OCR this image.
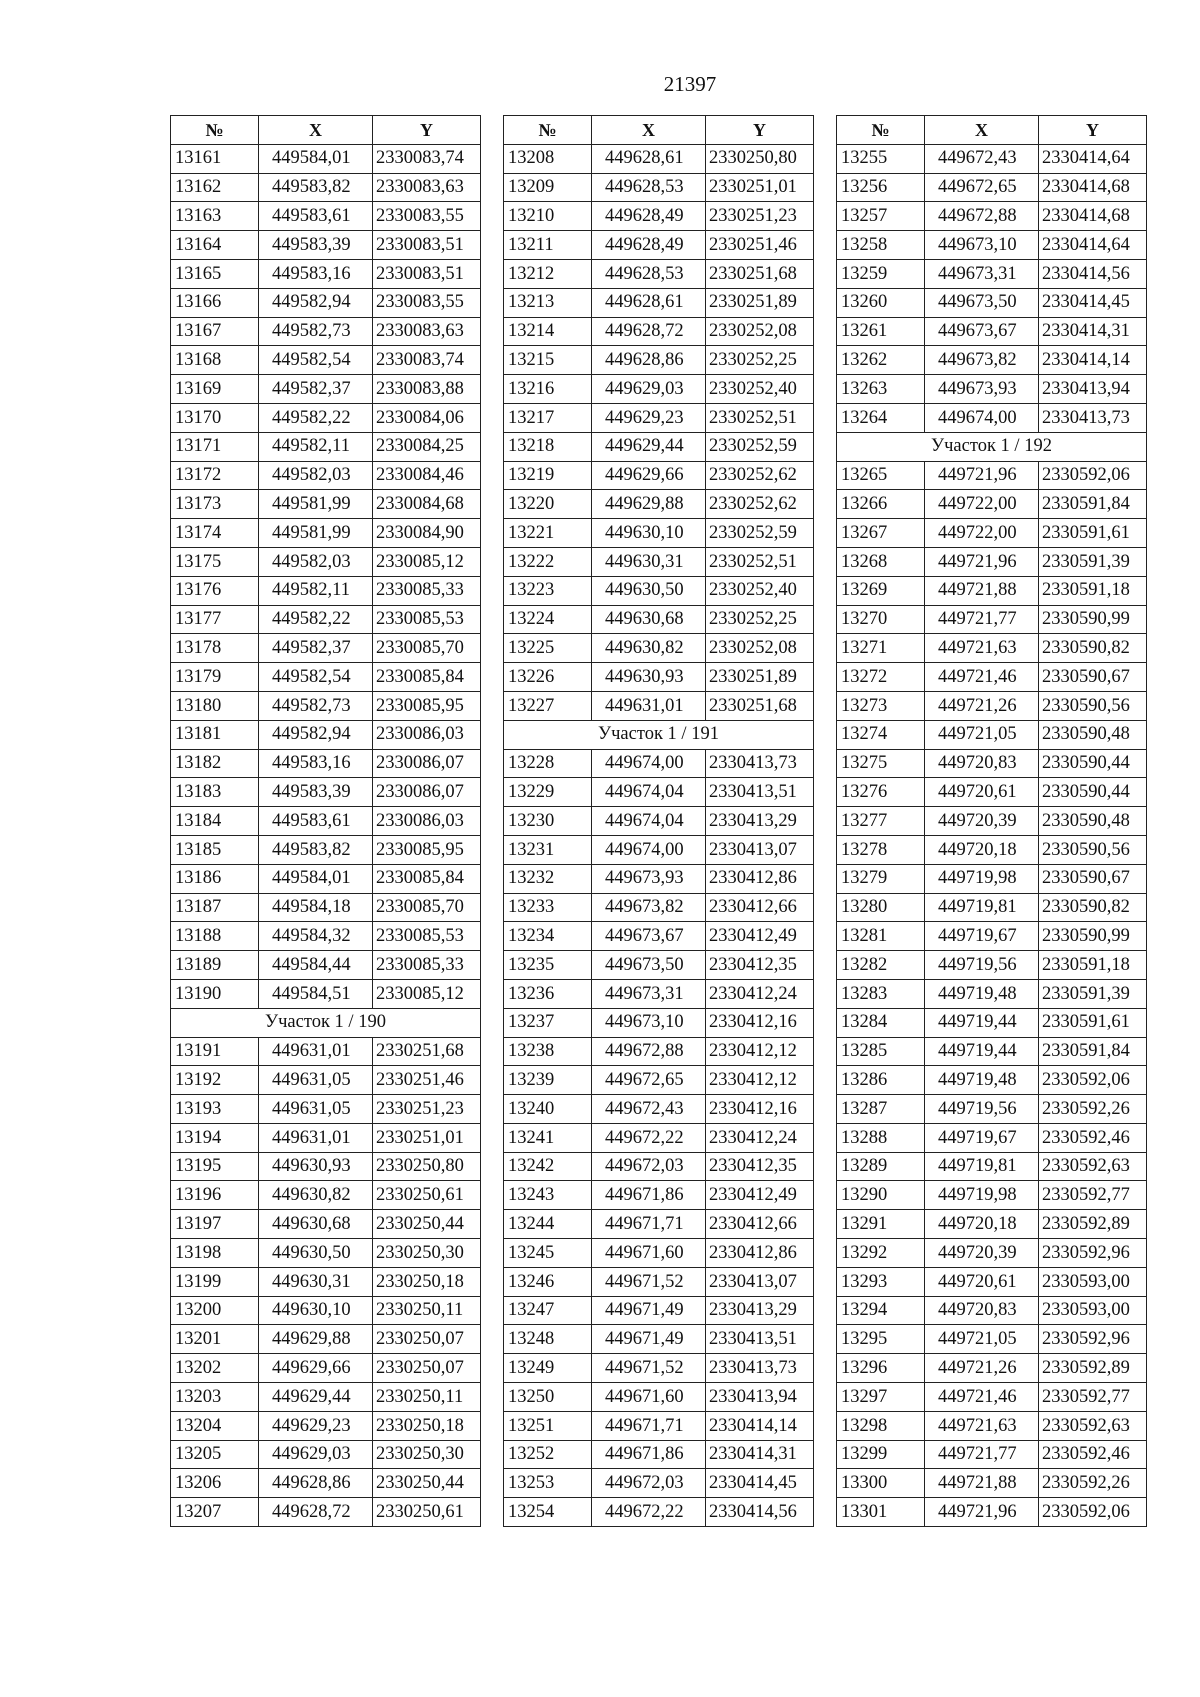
21397
№	X	Y
13161	449584,01	2330083,74
13162	449583,82	2330083,63
13163	449583,61	2330083,55
13164	449583,39	2330083,51
13165	449583,16	2330083,51
13166	449582,94	2330083,55
13167	449582,73	2330083,63
13168	449582,54	2330083,74
13169	449582,37	2330083,88
13170	449582,22	2330084,06
13171	449582,11	2330084,25
13172	449582,03	2330084,46
13173	449581,99	2330084,68
13174	449581,99	2330084,90
13175	449582,03	2330085,12
13176	449582,11	2330085,33
13177	449582,22	2330085,53
13178	449582,37	2330085,70
13179	449582,54	2330085,84
13180	449582,73	2330085,95
13181	449582,94	2330086,03
13182	449583,16	2330086,07
13183	449583,39	2330086,07
13184	449583,61	2330086,03
13185	449583,82	2330085,95
13186	449584,01	2330085,84
13187	449584,18	2330085,70
13188	449584,32	2330085,53
13189	449584,44	2330085,33
13190	449584,51	2330085,12
Участок 1 / 190		
13191	449631,01	2330251,68
13192	449631,05	2330251,46
13193	449631,05	2330251,23
13194	449631,01	2330251,01
13195	449630,93	2330250,80
13196	449630,82	2330250,61
13197	449630,68	2330250,44
13198	449630,50	2330250,30
13199	449630,31	2330250,18
13200	449630,10	2330250,11
13201	449629,88	2330250,07
13202	449629,66	2330250,07
13203	449629,44	2330250,11
13204	449629,23	2330250,18
13205	449629,03	2330250,30
13206	449628,86	2330250,44
13207	449628,72	2330250,61
№	X	Y
13208	449628,61	2330250,80
13209	449628,53	2330251,01
13210	449628,49	2330251,23
13211	449628,49	2330251,46
13212	449628,53	2330251,68
13213	449628,61	2330251,89
13214	449628,72	2330252,08
13215	449628,86	2330252,25
13216	449629,03	2330252,40
13217	449629,23	2330252,51
13218	449629,44	2330252,59
13219	449629,66	2330252,62
13220	449629,88	2330252,62
13221	449630,10	2330252,59
13222	449630,31	2330252,51
13223	449630,50	2330252,40
13224	449630,68	2330252,25
13225	449630,82	2330252,08
13226	449630,93	2330251,89
13227	449631,01	2330251,68
Участок 1 / 191		
13228	449674,00	2330413,73
13229	449674,04	2330413,51
13230	449674,04	2330413,29
13231	449674,00	2330413,07
13232	449673,93	2330412,86
13233	449673,82	2330412,66
13234	449673,67	2330412,49
13235	449673,50	2330412,35
13236	449673,31	2330412,24
13237	449673,10	2330412,16
13238	449672,88	2330412,12
13239	449672,65	2330412,12
13240	449672,43	2330412,16
13241	449672,22	2330412,24
13242	449672,03	2330412,35
13243	449671,86	2330412,49
13244	449671,71	2330412,66
13245	449671,60	2330412,86
13246	449671,52	2330413,07
13247	449671,49	2330413,29
13248	449671,49	2330413,51
13249	449671,52	2330413,73
13250	449671,60	2330413,94
13251	449671,71	2330414,14
13252	449671,86	2330414,31
13253	449672,03	2330414,45
13254	449672,22	2330414,56
№	X	Y
13255	449672,43	2330414,64
13256	449672,65	2330414,68
13257	449672,88	2330414,68
13258	449673,10	2330414,64
13259	449673,31	2330414,56
13260	449673,50	2330414,45
13261	449673,67	2330414,31
13262	449673,82	2330414,14
13263	449673,93	2330413,94
13264	449674,00	2330413,73
Участок 1 / 192		
13265	449721,96	2330592,06
13266	449722,00	2330591,84
13267	449722,00	2330591,61
13268	449721,96	2330591,39
13269	449721,88	2330591,18
13270	449721,77	2330590,99
13271	449721,63	2330590,82
13272	449721,46	2330590,67
13273	449721,26	2330590,56
13274	449721,05	2330590,48
13275	449720,83	2330590,44
13276	449720,61	2330590,44
13277	449720,39	2330590,48
13278	449720,18	2330590,56
13279	449719,98	2330590,67
13280	449719,81	2330590,82
13281	449719,67	2330590,99
13282	449719,56	2330591,18
13283	449719,48	2330591,39
13284	449719,44	2330591,61
13285	449719,44	2330591,84
13286	449719,48	2330592,06
13287	449719,56	2330592,26
13288	449719,67	2330592,46
13289	449719,81	2330592,63
13290	449719,98	2330592,77
13291	449720,18	2330592,89
13292	449720,39	2330592,96
13293	449720,61	2330593,00
13294	449720,83	2330593,00
13295	449721,05	2330592,96
13296	449721,26	2330592,89
13297	449721,46	2330592,77
13298	449721,63	2330592,63
13299	449721,77	2330592,46
13300	449721,88	2330592,26
13301	449721,96	2330592,06
